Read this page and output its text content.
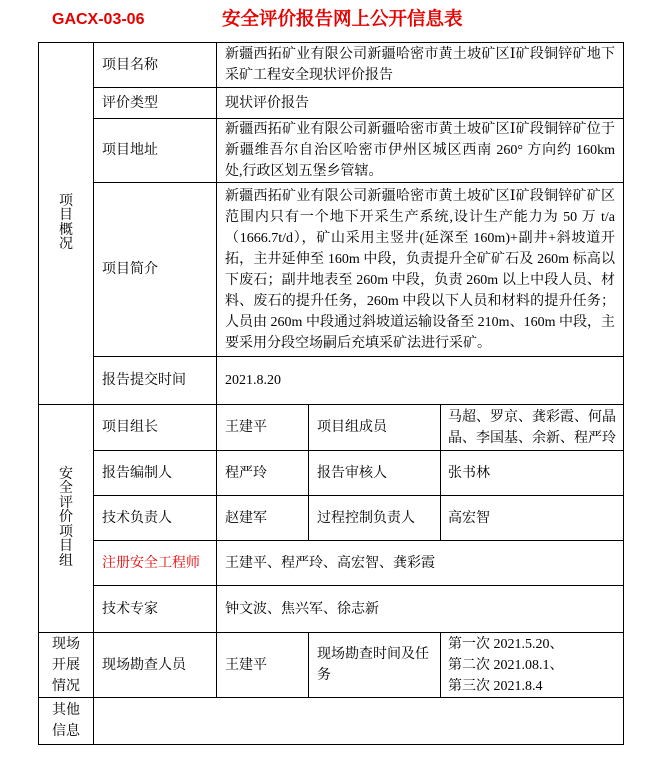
GACX-03-06	安全评价报告网上公开信息表
项目概况	项目名称	新疆西拓矿业有限公司新疆哈密市黄土坡矿区Ⅰ矿段铜锌矿地下采矿工程安全现状评价报告		
	评价类型	现状评价报告		
	项目地址	新疆西拓矿业有限公司新疆哈密市黄土坡矿区Ⅰ矿段铜锌矿位于新疆维吾尔自治区哈密市伊州区城区西南 260° 方向约 160km 处,行政区划五堡乡管辖。		
	项目简介	新疆西拓矿业有限公司新疆哈密市黄土坡矿区Ⅰ矿段铜锌矿矿区范围内只有一个地下开采生产系统,设计生产能力为 50 万 t/a（1666.7t/d），矿山采用主竖井(延深至 160m)+副井+斜坡道开拓，主井延伸至 160m 中段，负责提升全矿矿石及 260m 标高以下废石；副井地表至 260m 中段，负责 260m 以上中段人员、材料、废石的提升任务，260m 中段以下人员和材料的提升任务；人员由 260m 中段通过斜坡道运输设备至 210m、160m 中段，主要采用分段空场嗣后充填采矿法进行采矿。		
	报告提交时间	2021.8.20		

安全评价项目组	项目组长	王建平	项目组成员	马超、罗京、龚彩霞、何晶晶、李国基、余新、程严玲
	报告编制人	程严玲	报告审核人	张书林
	技术负责人	赵建军	过程控制负责人	高宏智
	注册安全工程师	王建平、程严玲、高宏智、龚彩霞		
	技术专家	钟文波、焦兴军、徐志新		

现场开展情况	现场勘查人员	王建平	现场勘查时间及任务	第一次 2021.5.20、
第二次 2021.08.1、
第三次 2021.8.4

其他信息				
